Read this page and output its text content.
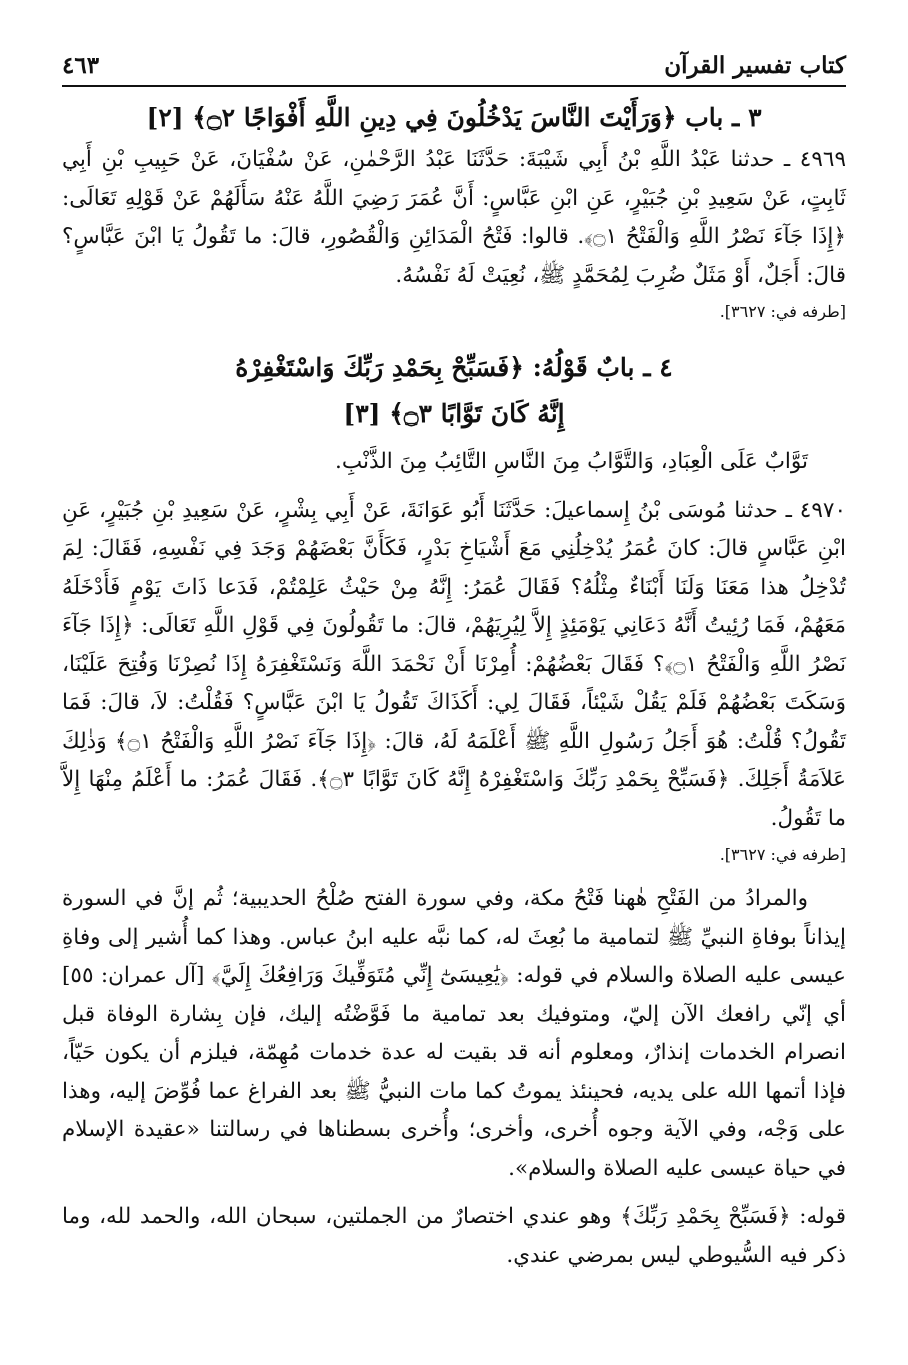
كتاب تفسير القرآن
٤٦٣
٣ ـ باب ﴿وَرَأَيْتَ النَّاسَ يَدْخُلُونَ فِي دِينِ اللَّهِ أَفْوَاجًا ۝٢﴾ [٢]

٤٩٦٩ ـ حدثنا عَبْدُ اللَّهِ بْنُ أَبِي شَيْبَةَ: حَدَّثَنَا عَبْدُ الرَّحْمٰنِ، عَنْ سُفْيَانَ، عَنْ حَبِيبِ بْنِ أَبِي ثَابِتٍ، عَنْ سَعِيدِ بْنِ جُبَيْرٍ، عَنِ ابْنِ عَبَّاسٍ: أَنَّ عُمَرَ رَضِيَ اللَّهُ عَنْهُ سَأَلَهُمْ عَنْ قَوْلِهِ تَعَالَى: ﴿إِذَا جَآءَ نَصْرُ اللَّهِ وَالْفَتْحُ ۝١﴾. قالوا: فَتْحُ الْمَدَائِنِ وَالْقُصُورِ، قالَ: ما تَقُولُ يَا ابْنَ عَبَّاسٍ؟ قالَ: أَجَلٌ، أَوْ مَثَلٌ ضُرِبَ لِمُحَمَّدٍ ﷺ، نُعِيَتْ لَهُ نَفْسُهُ.

[طرفه في: ٣٦٢٧].

٤ ـ بابٌ قَوْلُهُ: ﴿فَسَبِّحْ بِحَمْدِ رَبِّكَ وَاسْتَغْفِرْهُ
إِنَّهُ كَانَ تَوَّابًا ۝٣﴾ [٣]

تَوَّابٌ عَلَى الْعِبَادِ، وَالتَّوَّابُ مِنَ النَّاسِ التَّائِبُ مِنَ الذَّنْبِ.

٤٩٧٠ ـ حدثنا مُوسَى بْنُ إِسماعيلَ: حَدَّثَنَا أَبُو عَوَانَةَ، عَنْ أَبِي بِشْرٍ، عَنْ سَعِيدِ بْنِ جُبَيْرٍ، عَنِ ابْنِ عَبَّاسٍ قالَ: كانَ عُمَرُ يُدْخِلُنِي مَعَ أَشْيَاخِ بَدْرٍ، فَكَأَنَّ بَعْضَهُمْ وَجَدَ فِي نَفْسِهِ، فَقَالَ: لِمَ تُدْخِلُ هذا مَعَنَا وَلَنَا أَبْنَاءٌ مِثْلُهُ؟ فَقَالَ عُمَرُ: إِنَّهُ مِنْ حَيْثُ عَلِمْتُمْ، فَدَعا ذَاتَ يَوْمٍ فَأَدْخَلَهُ مَعَهُمْ، فَمَا رُئِيتُ أَنَّهُ دَعَانِي يَوْمَئِذٍ إِلاَّ لِيُرِيَهُمْ، قالَ: ما تَقُولُونَ فِي قَوْلِ اللَّهِ تَعَالَى: ﴿إِذَا جَآءَ نَصْرُ اللَّهِ وَالْفَتْحُ ۝١﴾؟ فَقَالَ بَعْضُهُمْ: أُمِرْنَا أَنْ نَحْمَدَ اللَّهَ وَنَسْتَغْفِرَهُ إِذَا نُصِرْنَا وَفُتِحَ عَلَيْنَا، وَسَكَتَ بَعْضُهُمْ فَلَمْ يَقُلْ شَيْئاً، فَقَالَ لِي: أَكَذَاكَ تَقُولُ يَا ابْنَ عَبَّاسٍ؟ فَقُلْتُ: لاَ، قالَ: فَمَا تَقُولُ؟ قُلْتُ: هُوَ أَجَلُ رَسُولِ اللَّهِ ﷺ أَعْلَمَهُ لَهُ، قالَ: ﴿إِذَا جَآءَ نَصْرُ اللَّهِ وَالْفَتْحُ ۝١﴾ وَذٰلِكَ عَلاَمَةُ أَجَلِكَ. ﴿فَسَبِّحْ بِحَمْدِ رَبِّكَ وَاسْتَغْفِرْهُ إِنَّهُ كَانَ تَوَّابًا ۝٣﴾. فَقَالَ عُمَرُ: ما أَعْلَمُ مِنْهَا إِلاَّ ما تَقُولُ.

[طرفه في: ٣٦٢٧].

والمرادُ من الفَتْحِ هٰهنا فَتْحُ مكة، وفي سورة الفتح صُلْحُ الحديبية؛ ثُم إنَّ في السورة إيذاناً بوفاةِ النبيِّ ﷺ لتمامية ما بُعِثَ له، كما نبَّه عليه ابنُ عباس. وهذا كما أُشير إلى وفاةِ عيسى عليه الصلاة والسلام في قوله: ﴿يَٰعِيسَىٰٓ إِنِّي مُتَوَفِّيكَ وَرَافِعُكَ إِلَيَّ﴾ [آل عمران: ٥٥] أي إنّي رافعك الآن إليّ، ومتوفيك بعد تمامية ما فَوَّضْتُه إليك، فإن بِشارة الوفاة قبل انصرام الخدمات إنذارٌ، ومعلوم أنه قد بقيت له عدة خدمات مُهِمّة، فيلزم أن يكون حَيّاً، فإذا أتمها الله على يديه، فحينئذ يموتُ كما مات النبيُّ ﷺ بعد الفراغ عما فُوِّضَ إليه، وهذا على وَجْه، وفي الآية وجوه أُخرى، وأخرى؛ وأُخرى بسطناها في رسالتنا «عقيدة الإسلام في حياة عيسى عليه الصلاة والسلام».

قوله: ﴿فَسَبِّحْ بِحَمْدِ رَبِّكَ﴾ وهو عندي اختصارٌ من الجملتين، سبحان الله، والحمد لله، وما ذكر فيه السُّيوطي ليس بمرضي عندي.
